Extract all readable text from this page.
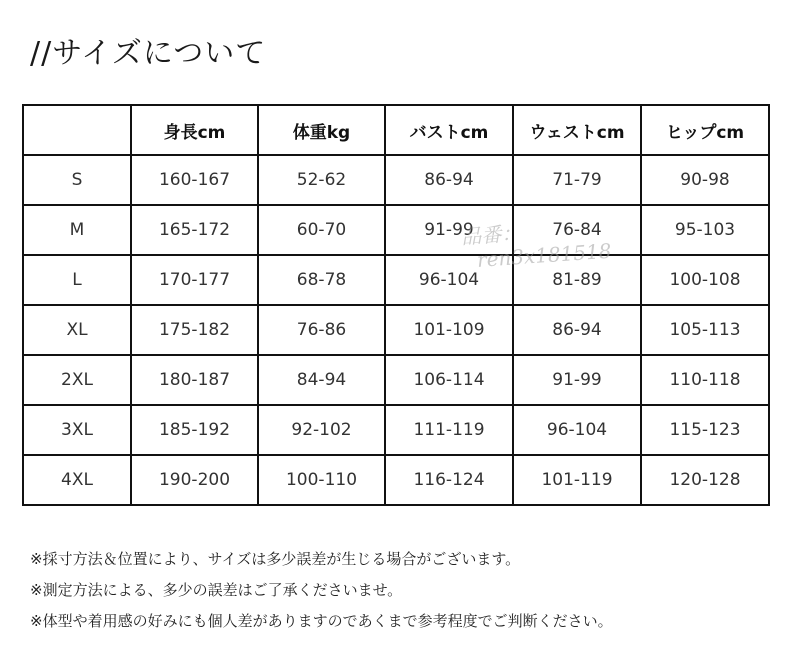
//サイズについて
	身長cm	体重kg	バストcm	ウェストcm	ヒップcm
S	160-167	52-62	86-94	71-79	90-98
M	165-172	60-70	91-99	76-84	95-103
L	170-177	68-78	96-104	81-89	100-108
XL	175-182	76-86	101-109	86-94	105-113
2XL	180-187	84-94	106-114	91-99	110-118
3XL	185-192	92-102	111-119	96-104	115-123
4XL	190-200	100-110	116-124	101-119	120-128
品番：
ren3x181518
※採寸方法＆位置により、サイズは多少誤差が生じる場合がございます。
※測定方法による、多少の誤差はご了承くださいませ。
※体型や着用感の好みにも個人差がありますのであくまで参考程度でご判断ください。
